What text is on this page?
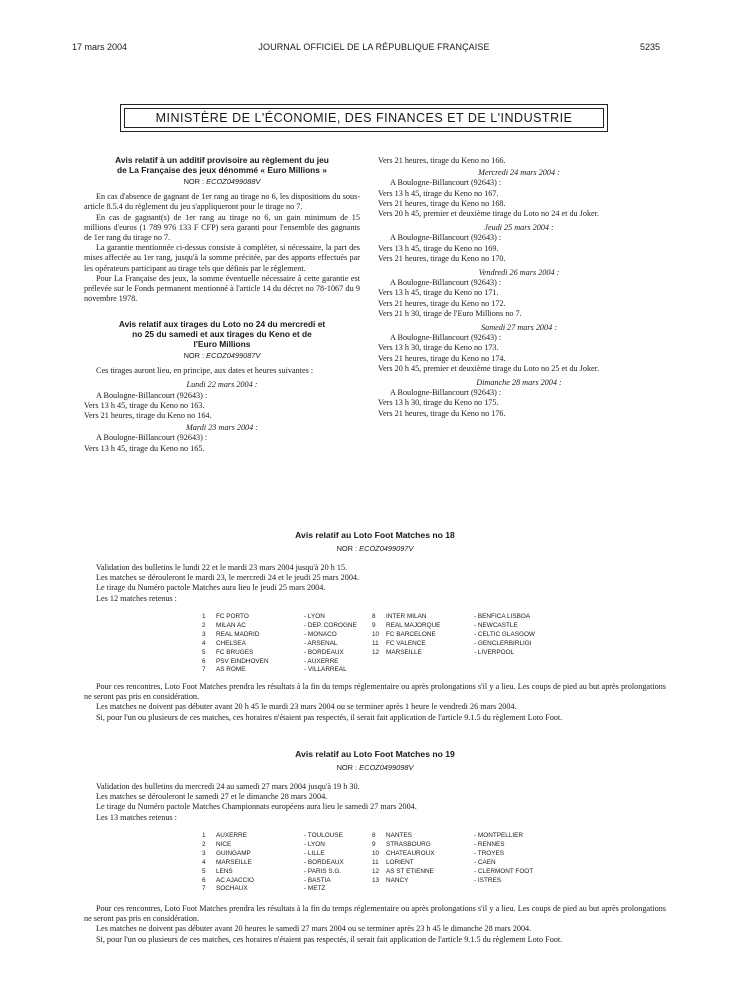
17 mars 2004	JOURNAL OFFICIEL DE LA RÉPUBLIQUE FRANÇAISE	5235
MINISTÈRE DE L'ÉCONOMIE, DES FINANCES ET DE L'INDUSTRIE
Avis relatif à un additif provisoire au règlement du jeu
de La Française des jeux dénommé « Euro Millions »
NOR : ECOZ0499088V

En cas d'absence de gagnant de 1er rang au tirage no 6, les dispositions du sous-article 8.5.4 du règlement du jeu s'appliqueront pour le tirage no 7.

En cas de gagnant(s) de 1er rang au tirage no 6, un gain minimum de 15 millions d'euros (1 789 976 133 F CFP) sera garanti pour l'ensemble des gagnants de 1er rang du tirage no 7.

La garantie mentionnée ci-dessus consiste à compléter, si nécessaire, la part des mises affectée au 1er rang, jusqu'à la somme précitée, par des apports effectués par les opérateurs participant au tirage tels que définis par le règlement.

Pour La Française des jeux, la somme éventuelle nécessaire à cette garantie est prélevée sur le Fonds permanent mentionné à l'article 14 du décret no 78-1067 du 9 novembre 1978.

Avis relatif aux tirages du Loto no 24 du mercredi et
no 25 du samedi et aux tirages du Keno et de
l'Euro Millions
NOR : ECOZ0499087V

Ces tirages auront lieu, en principe, aux dates et heures suivantes :

Lundi 22 mars 2004 :

A Boulogne-Billancourt (92643) :

Vers 13 h 45, tirage du Keno no 163.
Vers 21 heures, tirage du Keno no 164.
Mardi 23 mars 2004 :

A Boulogne-Billancourt (92643) :

Vers 13 h 45, tirage du Keno no 165.
Vers 21 heures, tirage du Keno no 166.
Mercredi 24 mars 2004 :

A Boulogne-Billancourt (92643) :

Vers 13 h 45, tirage du Keno no 167.
Vers 21 heures, tirage du Keno no 168.

Vers 20 h 45, premier et deuxième tirage du Loto no 24 et du Joker.

Jeudi 25 mars 2004 :

A Boulogne-Billancourt (92643) :

Vers 13 h 45, tirage du Keno no 169.
Vers 21 heures, tirage du Keno no 170.
Vendredi 26 mars 2004 :

A Boulogne-Billancourt (92643) :

Vers 13 h 45, tirage du Keno no 171.
Vers 21 heures, tirage du Keno no 172.
Vers 21 h 30, tirage de l'Euro Millions no 7.
Samedi 27 mars 2004 :

A Boulogne-Billancourt (92643) :

Vers 13 h 30, tirage du Keno no 173.
Vers 21 heures, tirage du Keno no 174.

Vers 20 h 45, premier et deuxième tirage du Loto no 25 et du Joker.

Dimanche 28 mars 2004 :

A Boulogne-Billancourt (92643) :

Vers 13 h 30, tirage du Keno no 175.
Vers 21 heures, tirage du Keno no 176.
Avis relatif au Loto Foot Matches no 18
NOR : ECOZ0499097V

Validation des bulletins le lundi 22 et le mardi 23 mars 2004 jusqu'à 20 h 15.

Les matches se dérouleront le mardi 23, le mercredi 24 et le jeudi 25 mars 2004.

Le tirage du Numéro pactole Matches aura lieu le jeudi 25 mars 2004.

Les 12 matches retenus :

1	FC PORTO	- LYON
2	MILAN AC	- DEP. COROGNE
3	REAL MADRID	- MONACO
4	CHELSEA	- ARSENAL
5	FC BRUGES	- BORDEAUX
6	PSV EINDHOVEN	- AUXERRE
7	AS ROME	- VILLARREAL
8	INTER MILAN	- BENFICA LISBOA
9	REAL MAJORQUE	- NEWCASTLE
10	FC BARCELONE	- CELTIC GLASGOW
11	FC VALENCE	- GENCLERBIRLIGI
12	MARSEILLE	- LIVERPOOL

Pour ces rencontres, Loto Foot Matches prendra les résultats à la fin du temps réglementaire ou après prolongations s'il y a lieu. Les coups de pied au but après prolongations ne seront pas pris en considération.

Les matches ne doivent pas débuter avant 20 h 45 le mardi 23 mars 2004 ou se terminer après 1 heure le vendredi 26 mars 2004.

Si, pour l'un ou plusieurs de ces matches, ces horaires n'étaient pas respectés, il serait fait application de l'article 9.1.5 du règlement Loto Foot.

Avis relatif au Loto Foot Matches no 19
NOR : ECOZ0499098V

Validation des bulletins du mercredi 24 au samedi 27 mars 2004 jusqu'à 19 h 30.

Les matches se dérouleront le samedi 27 et le dimanche 28 mars 2004.

Le tirage du Numéro pactole Matches Championnats européens aura lieu le samedi 27 mars 2004.

Les 13 matches retenus :

1	AUXERRE	- TOULOUSE
2	NICE	- LYON
3	GUINGAMP	- LILLE
4	MARSEILLE	- BORDEAUX
5	LENS	- PARIS S.G.
6	AC AJACCIO	- BASTIA
7	SOCHAUX	- METZ
8	NANTES	- MONTPELLIER
9	STRASBOURG	- RENNES
10	CHATEAUROUX	- TROYES
11	LORIENT	- CAEN
12	AS ST ETIENNE	- CLERMONT FOOT
13	NANCY	- ISTRES

Pour ces rencontres, Loto Foot Matches prendra les résultats à la fin du temps réglementaire ou après prolongations s'il y a lieu. Les coups de pied au but après prolongations ne seront pas pris en considération.

Les matches ne doivent pas débuter avant 20 heures le samedi 27 mars 2004 ou se terminer après 23 h 45 le dimanche 28 mars 2004.

Si, pour l'un ou plusieurs de ces matches, ces horaires n'étaient pas respectés, il serait fait application de l'article 9.1.5 du règlement Loto Foot.
